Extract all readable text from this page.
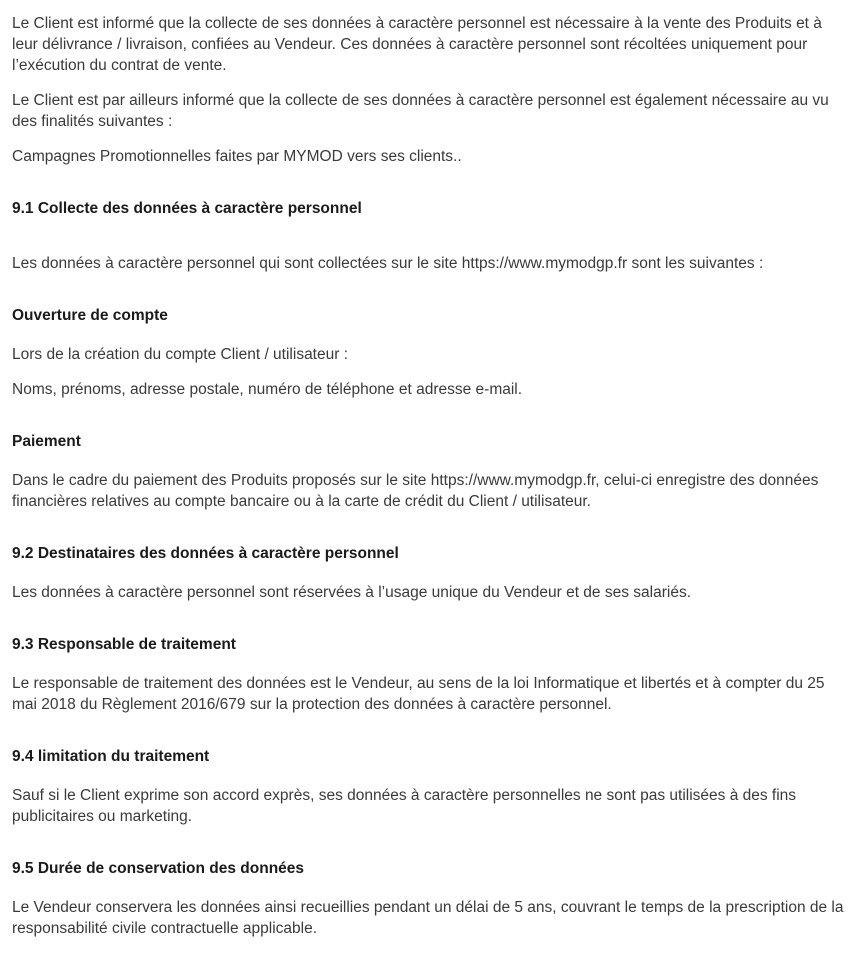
Le Client est informé que la collecte de ses données à caractère personnel est nécessaire à la vente des Produits et à leur délivrance / livraison, confiées au Vendeur. Ces données à caractère personnel sont récoltées uniquement pour l’exécution du contrat de vente.

Le Client est par ailleurs informé que la collecte de ses données à caractère personnel est également nécessaire au vu des finalités suivantes :

Campagnes Promotionnelles faites par MYMOD vers ses clients..

9.1 Collecte des données à caractère personnel

Les données à caractère personnel qui sont collectées sur le site https://www.mymodgp.fr sont les suivantes :

Ouverture de compte

Lors de la création du compte Client / utilisateur :

Noms, prénoms, adresse postale, numéro de téléphone et adresse e-mail.

Paiement

Dans le cadre du paiement des Produits proposés sur le site https://www.mymodgp.fr, celui-ci enregistre des données financières relatives au compte bancaire ou à la carte de crédit du Client / utilisateur.

9.2 Destinataires des données à caractère personnel

Les données à caractère personnel sont réservées à l’usage unique du Vendeur et de ses salariés.

9.3 Responsable de traitement

Le responsable de traitement des données est le Vendeur, au sens de la loi Informatique et libertés et à compter du 25 mai 2018 du Règlement 2016/679 sur la protection des données à caractère personnel.

9.4 limitation du traitement

Sauf si le Client exprime son accord exprès, ses données à caractère personnelles ne sont pas utilisées à des fins publicitaires ou marketing.

9.5 Durée de conservation des données

Le Vendeur conservera les données ainsi recueillies pendant un délai de 5 ans, couvrant le temps de la prescription de la responsabilité civile contractuelle applicable.
